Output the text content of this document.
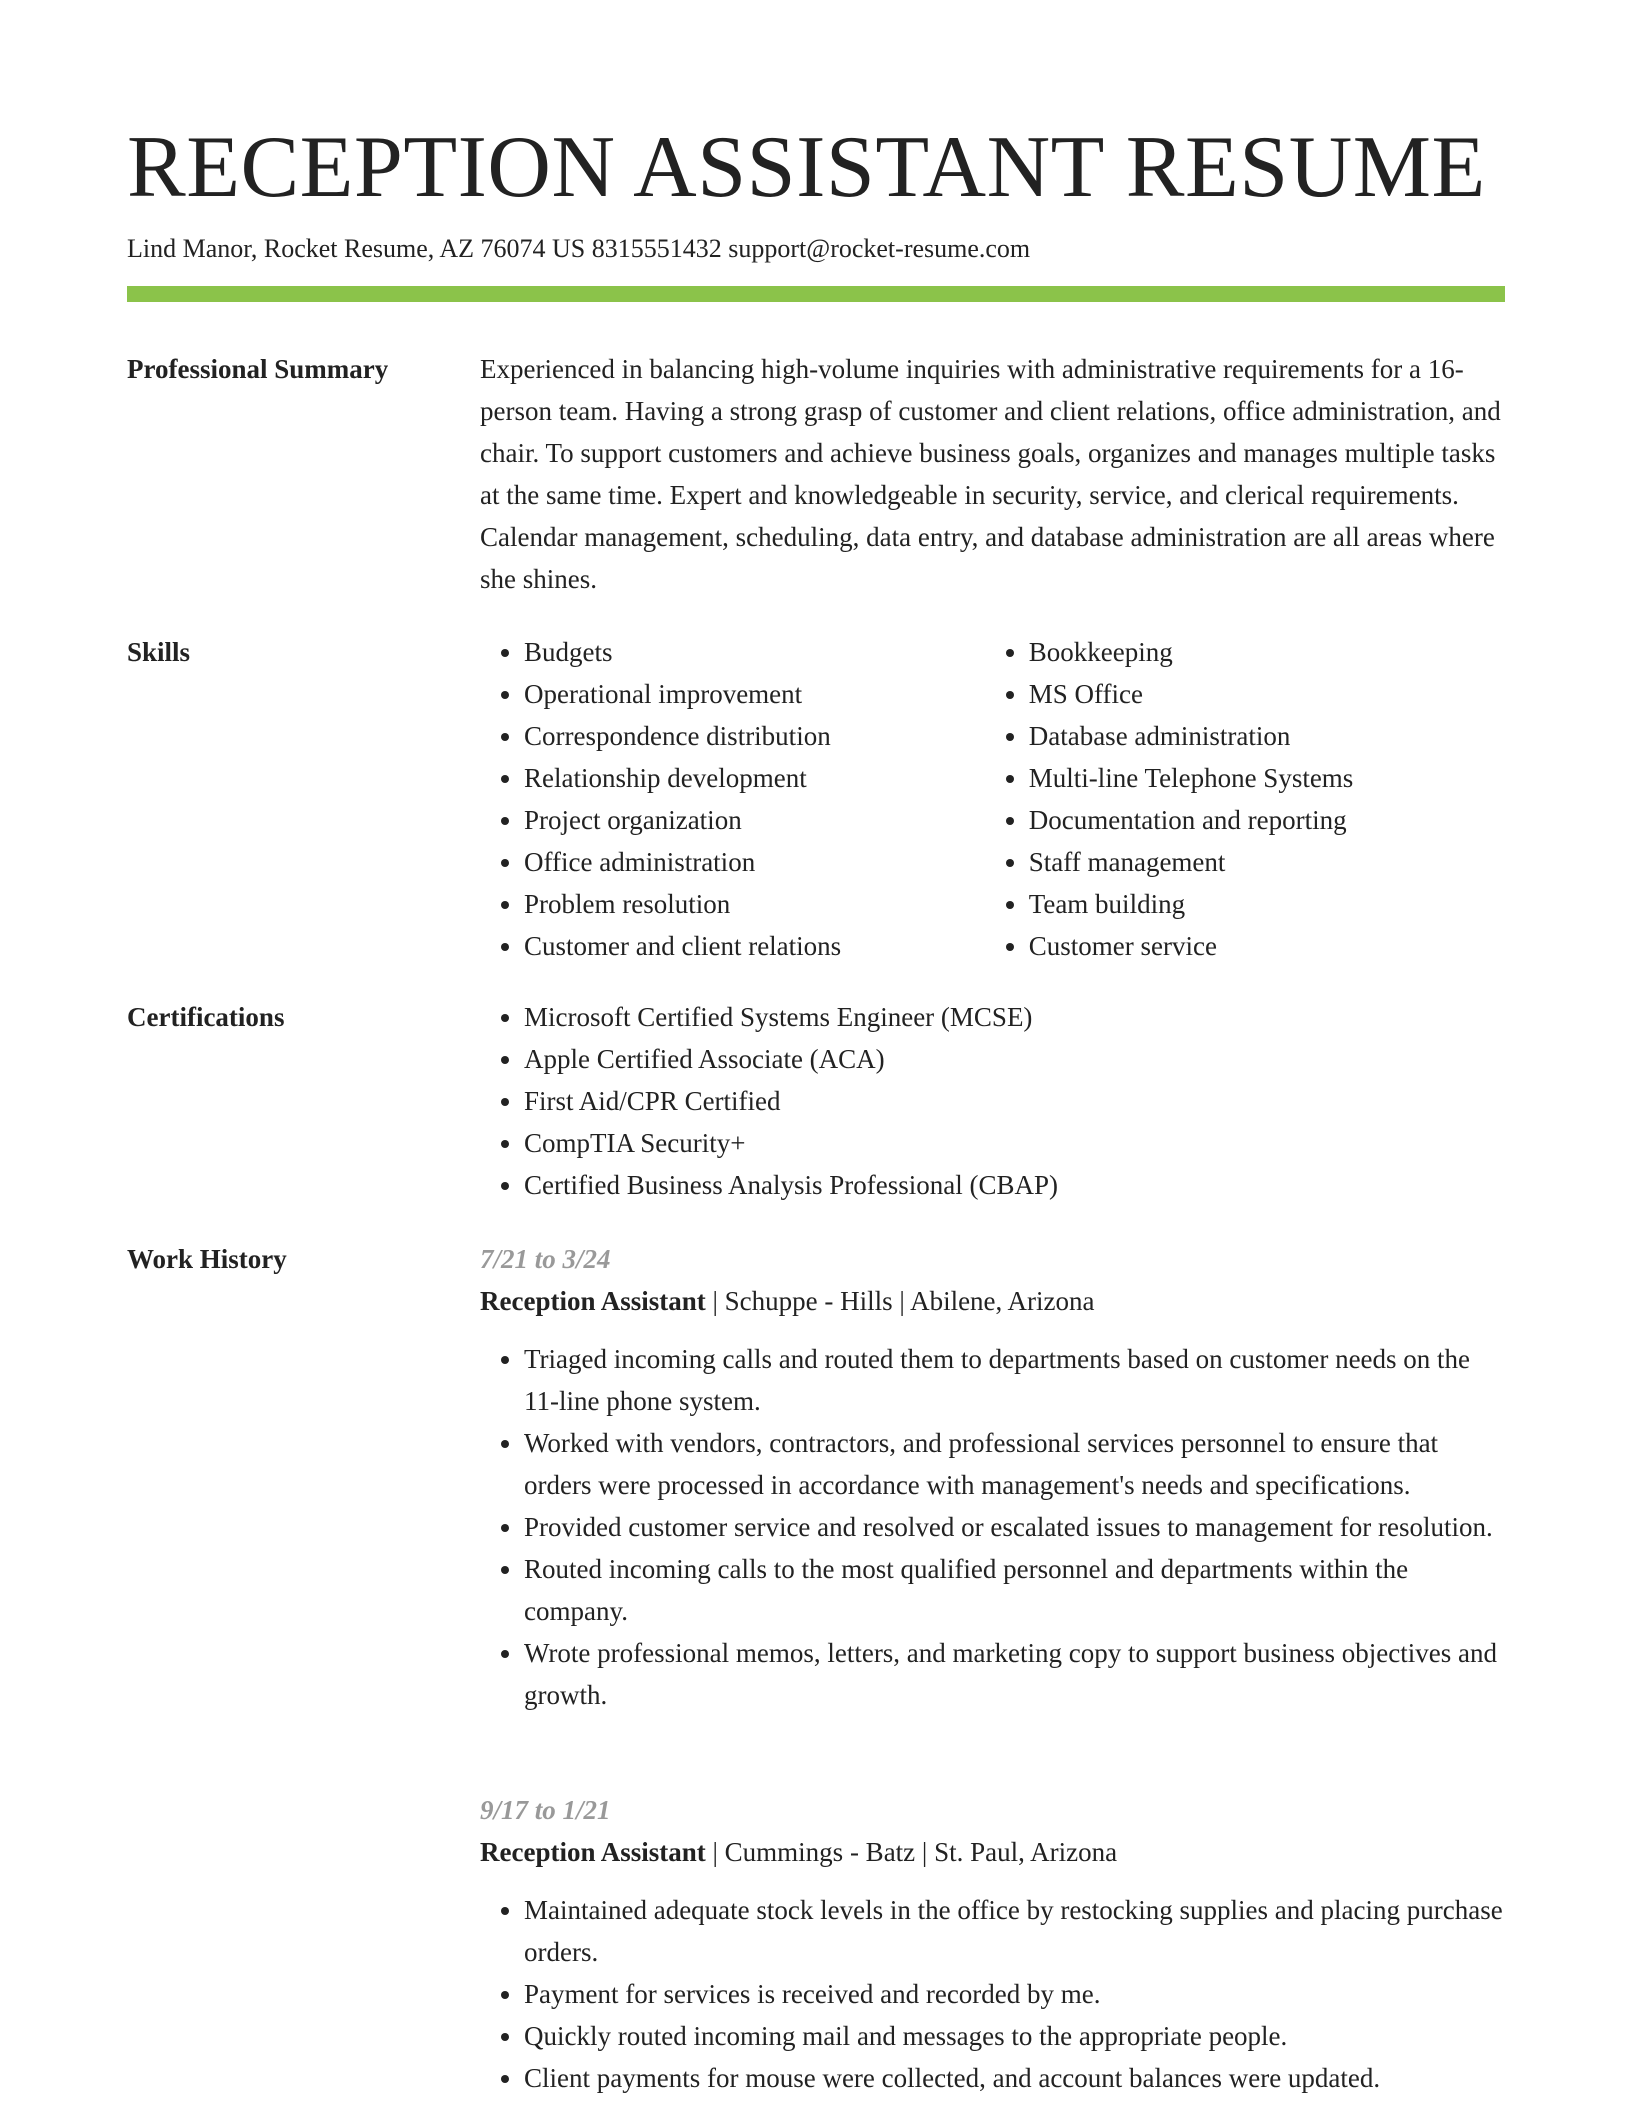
RECEPTION ASSISTANT RESUME
Lind Manor, Rocket Resume, AZ 76074 US 8315551432 support@rocket-resume.com
Professional Summary	Experienced in balancing high-volume inquiries with administrative requirements for a 16-person team. Having a strong grasp of customer and client relations, office administration, and chair. To support customers and achieve business goals, organizes and manages multiple tasks at the same time. Expert and knowledgeable in security, service, and clerical requirements. Calendar management, scheduling, data entry, and database administration are all areas where she shines.
Skills	• Budgets
• Operational improvement
• Correspondence distribution
• Relationship development
• Project organization
• Office administration
• Problem resolution
• Customer and client relations
• Bookkeeping
• MS Office
• Database administration
• Multi-line Telephone Systems
• Documentation and reporting
• Staff management
• Team building
• Customer service
Certifications	• Microsoft Certified Systems Engineer (MCSE)
• Apple Certified Associate (ACA)
• First Aid/CPR Certified
• CompTIA Security+
• Certified Business Analysis Professional (CBAP)
Work History	7/21 to 3/24
Reception Assistant | Schuppe - Hills | Abilene, Arizona
• Triaged incoming calls and routed them to departments based on customer needs on the 11-line phone system.
• Worked with vendors, contractors, and professional services personnel to ensure that orders were processed in accordance with management's needs and specifications.
• Provided customer service and resolved or escalated issues to management for resolution.
• Routed incoming calls to the most qualified personnel and departments within the company.
• Wrote professional memos, letters, and marketing copy to support business objectives and growth.
9/17 to 1/21
Reception Assistant | Cummings - Batz | St. Paul, Arizona
• Maintained adequate stock levels in the office by restocking supplies and placing purchase orders.
• Payment for services is received and recorded by me.
• Quickly routed incoming mail and messages to the appropriate people.
• Client payments for mouse were collected, and account balances were updated.
